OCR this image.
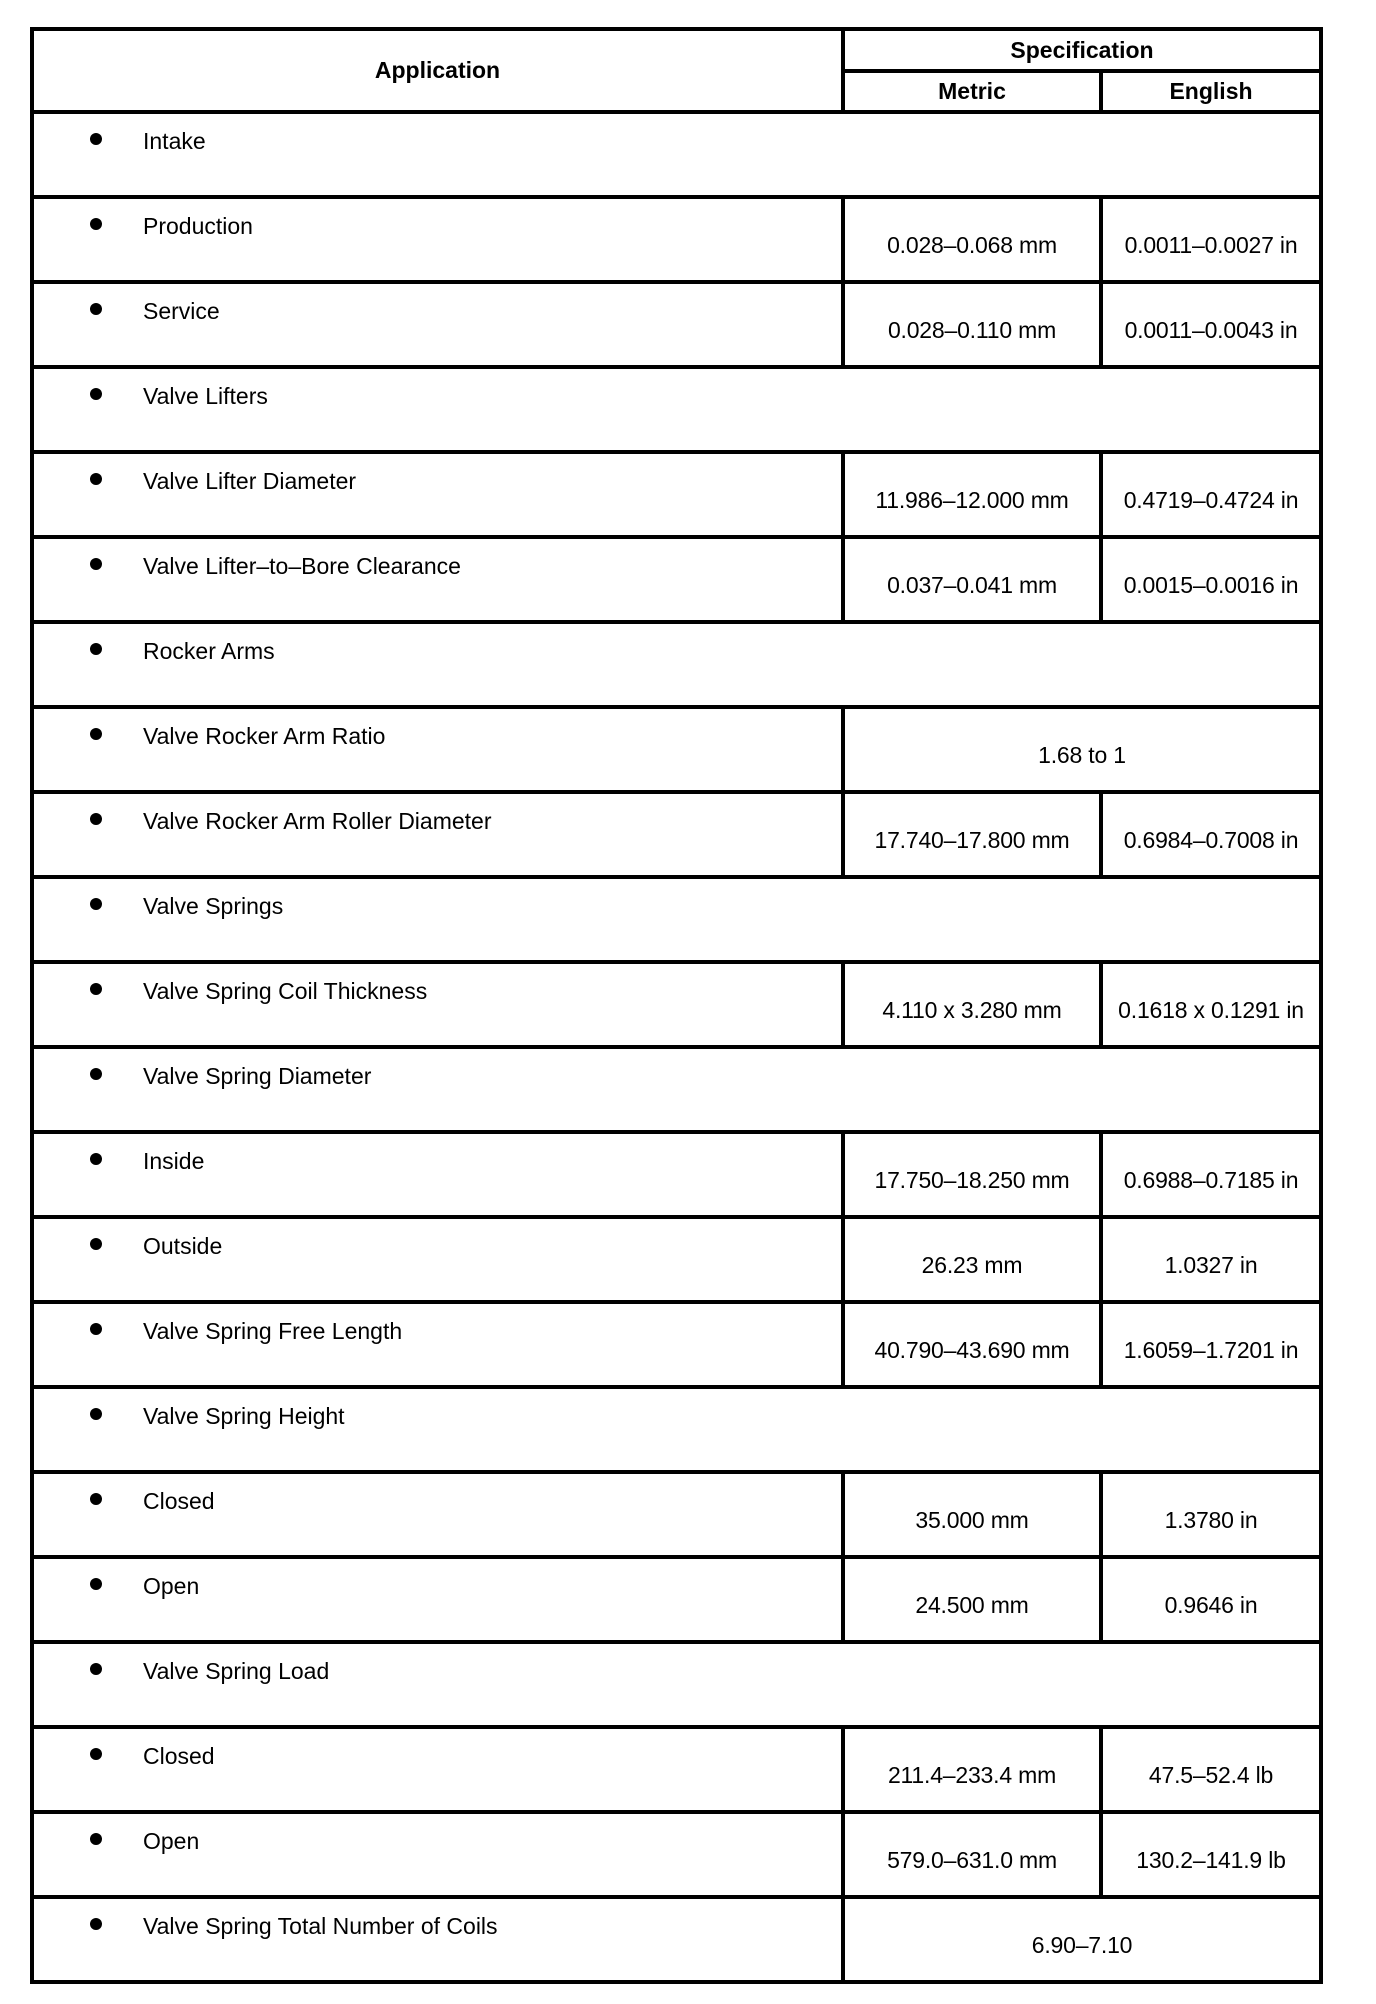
Application	Specification	
	Metric	English
Intake		
Production	0.028–0.068 mm	0.0011–0.0027 in
Service	0.028–0.110 mm	0.0011–0.0043 in
Valve Lifters		
Valve Lifter Diameter	11.986–12.000 mm	0.4719–0.4724 in
Valve Lifter–to–Bore Clearance	0.037–0.041 mm	0.0015–0.0016 in
Rocker Arms		
Valve Rocker Arm Ratio	1.68 to 1	
Valve Rocker Arm Roller Diameter	17.740–17.800 mm	0.6984–0.7008 in
Valve Springs		
Valve Spring Coil Thickness	4.110 x 3.280 mm	0.1618 x 0.1291 in
Valve Spring Diameter		
Inside	17.750–18.250 mm	0.6988–0.7185 in
Outside	26.23 mm	1.0327 in
Valve Spring Free Length	40.790–43.690 mm	1.6059–1.7201 in
Valve Spring Height		
Closed	35.000 mm	1.3780 in
Open	24.500 mm	0.9646 in
Valve Spring Load		
Closed	211.4–233.4 mm	47.5–52.4 lb
Open	579.0–631.0 mm	130.2–141.9 lb
Valve Spring Total Number of Coils	6.90–7.10	
